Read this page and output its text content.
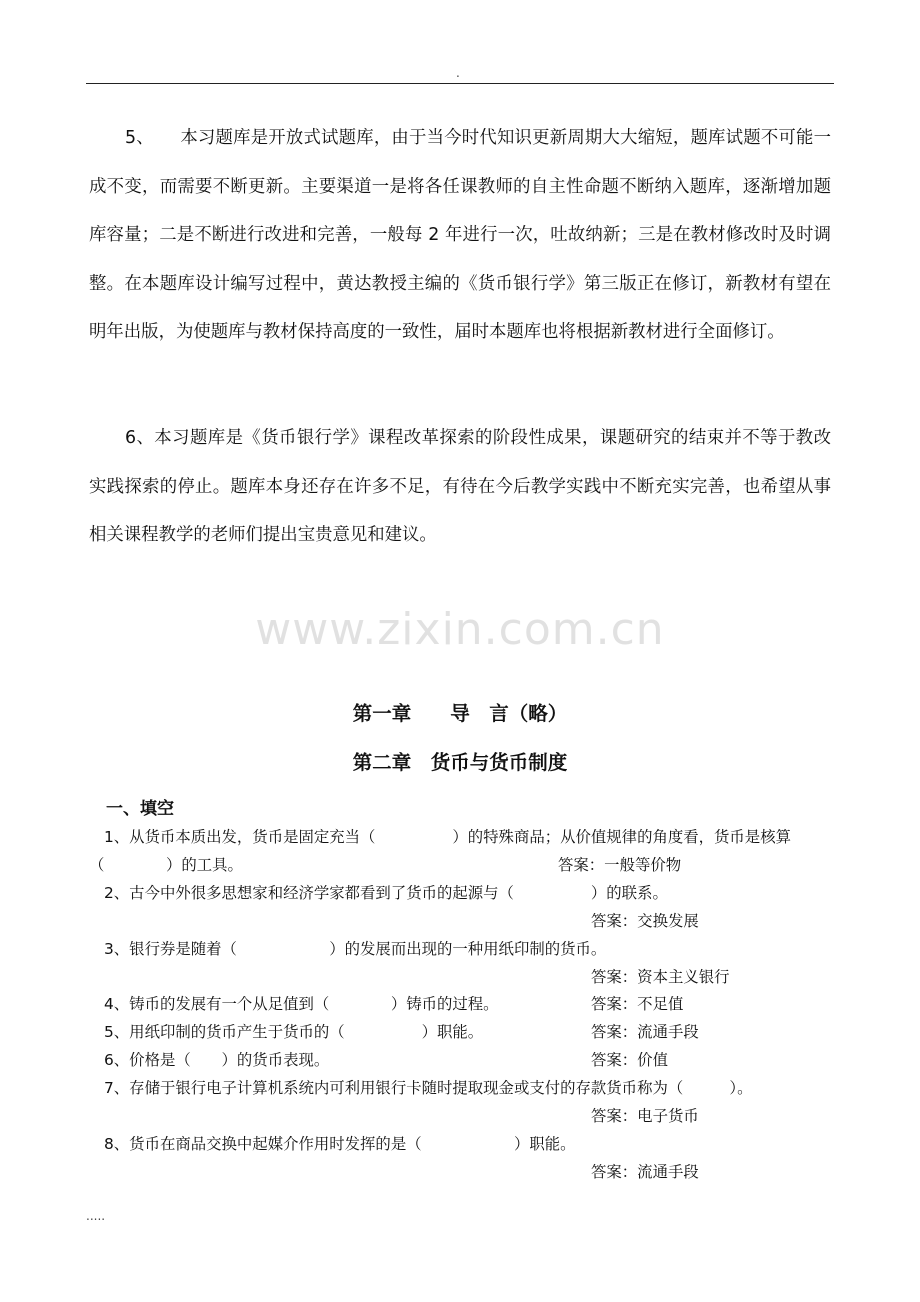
.

5、　　本习题库是开放式试题库，由于当今时代知识更新周期大大缩短，题库试题不可能一成不变，而需要不断更新。主要渠道一是将各任课教师的自主性命题不断纳入题库，逐渐增加题库容量；二是不断进行改进和完善，一般每 2 年进行一次，吐故纳新；三是在教材修改时及时调整。在本题库设计编写过程中，黄达教授主编的《货币银行学》第三版正在修订，新教材有望在明年出版，为使题库与教材保持高度的一致性，届时本题库也将根据新教材进行全面修订。

6、本习题库是《货币银行学》课程改革探索的阶段性成果，课题研究的结束并不等于教改实践探索的停止。题库本身还存在许多不足，有待在今后教学实践中不断充实完善，也希望从事相关课程教学的老师们提出宝贵意见和建议。

www.zixin.com.cn
第一章　　导　言（略）
第二章　货币与货币制度
一、填空
1、从货币本质出发，货币是固定充当（　　　　　）的特殊商品；从价值规律的角度看，货币是核算
（　　　　）的工具。	答案：一般等价物
2、古今中外很多思想家和经济学家都看到了货币的起源与（　　　　　）的联系。
答案：交换发展
3、银行券是随着（　　　　　　）的发展而出现的一种用纸印制的货币。
答案：资本主义银行
4、铸币的发展有一个从足值到（　　　　）铸币的过程。	答案：不足值
5、用纸印制的货币产生于货币的（　　　　　）职能。	答案：流通手段
6、价格是（　　）的货币表现。	答案：价值
7、存储于银行电子计算机系统内可利用银行卡随时提取现金或支付的存款货币称为（　　　）。
答案：电子货币
8、货币在商品交换中起媒介作用时发挥的是（　　　　　　）职能。
答案：流通手段
.....
